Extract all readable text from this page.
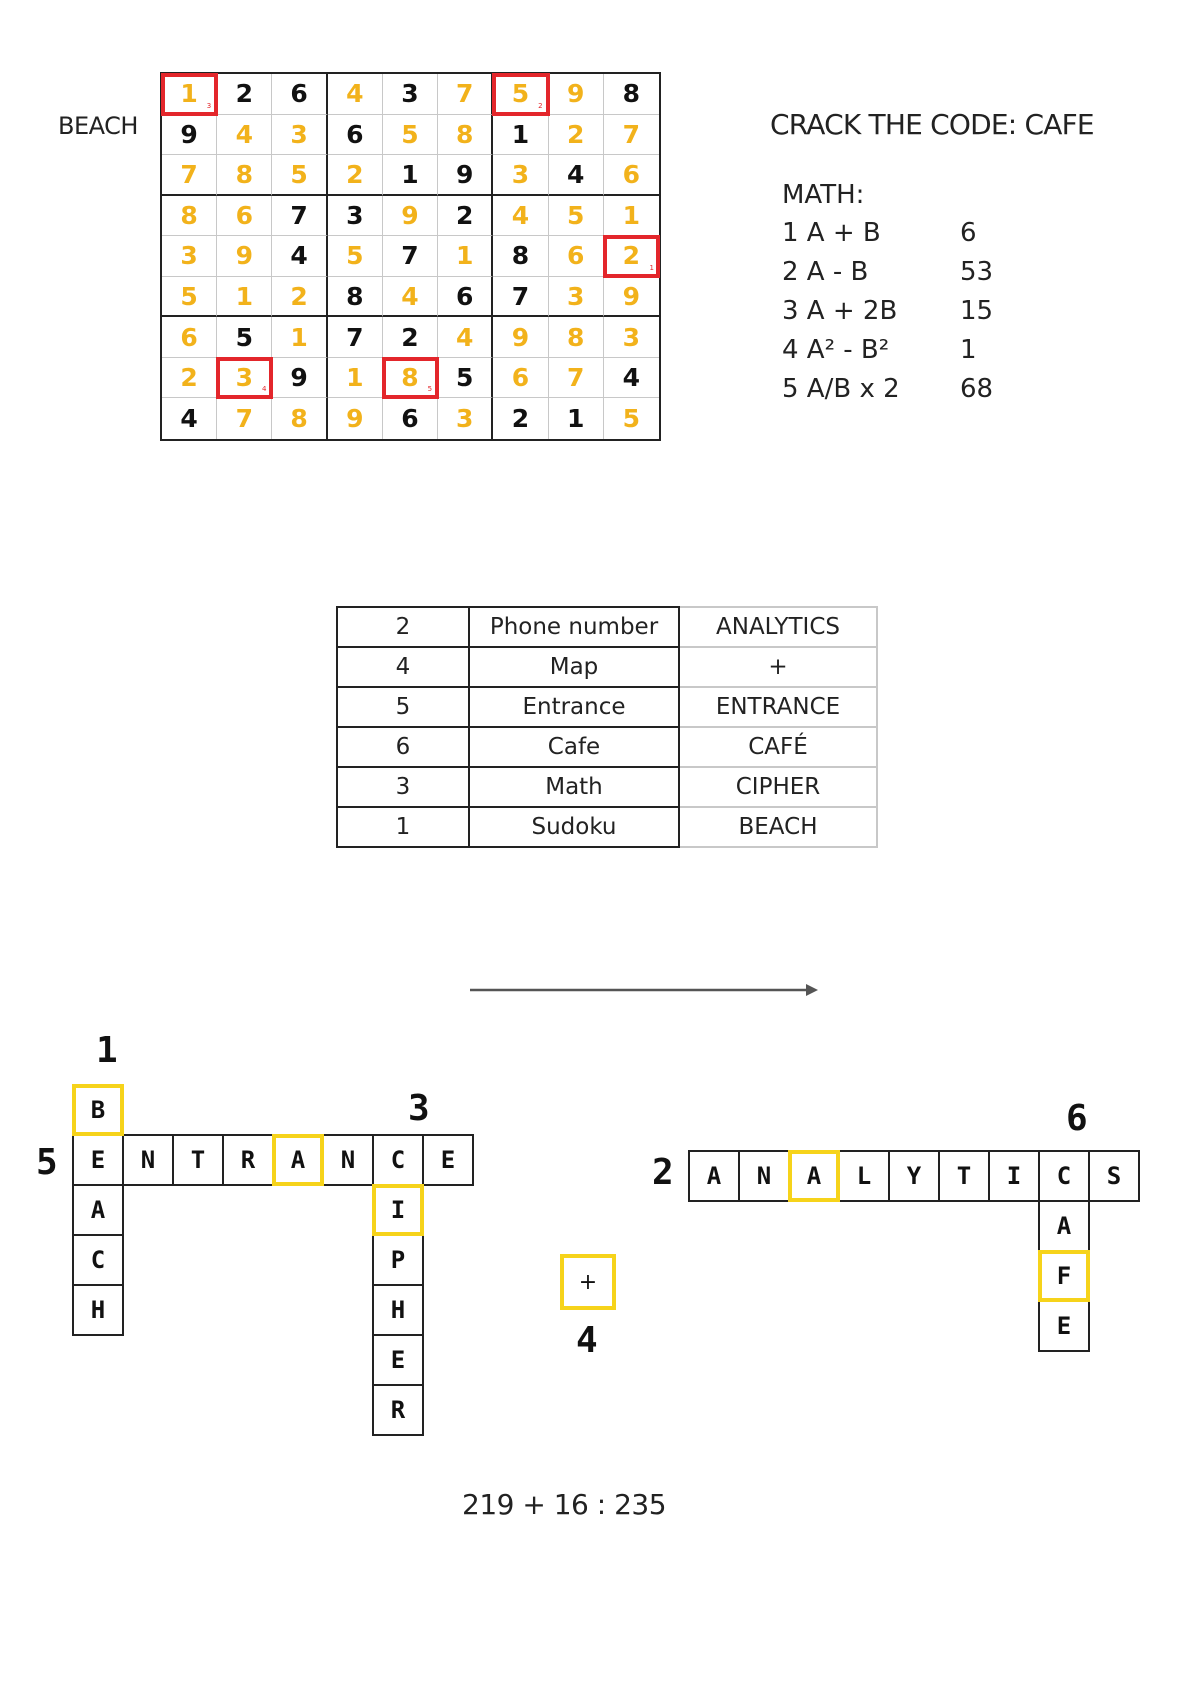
BEACH
1 3 2 6 4 3 7 5 2 9 8
9 4 3 6 5 8 1 2 7
7 8 5 2 1 9 3 4 6
8 6 7 3 9 2 4 5 1
3 9 4 5 7 1 8 6 2 1
5 1 2 8 4 6 7 3 9
6 5 1 7 2 4 9 8 3
2 3 4 9 1 8 5 5 6 7 4
4 7 8 9 6 3 2 1 5
CRACK THE CODE: CAFE
MATH:
1 A + B	6
2 A - B	53
3 A + 2B 15
4 A² - B²	1
5 A/B x 2 68
2	Phone number	ANALYTICS
4	Map	+
5	Entrance	ENTRANCE
6	Cafe	CAFÉ
3	Math	CIPHER
1	Sudoku	BEACH
1
3
5	2
6
4
B
E
A
C
H
N	T	R	A	N	C	E
I
P
H
E
R
A	N	A	L	Y	T	I	C	S
A
F
E
+
219 + 16 : 235
